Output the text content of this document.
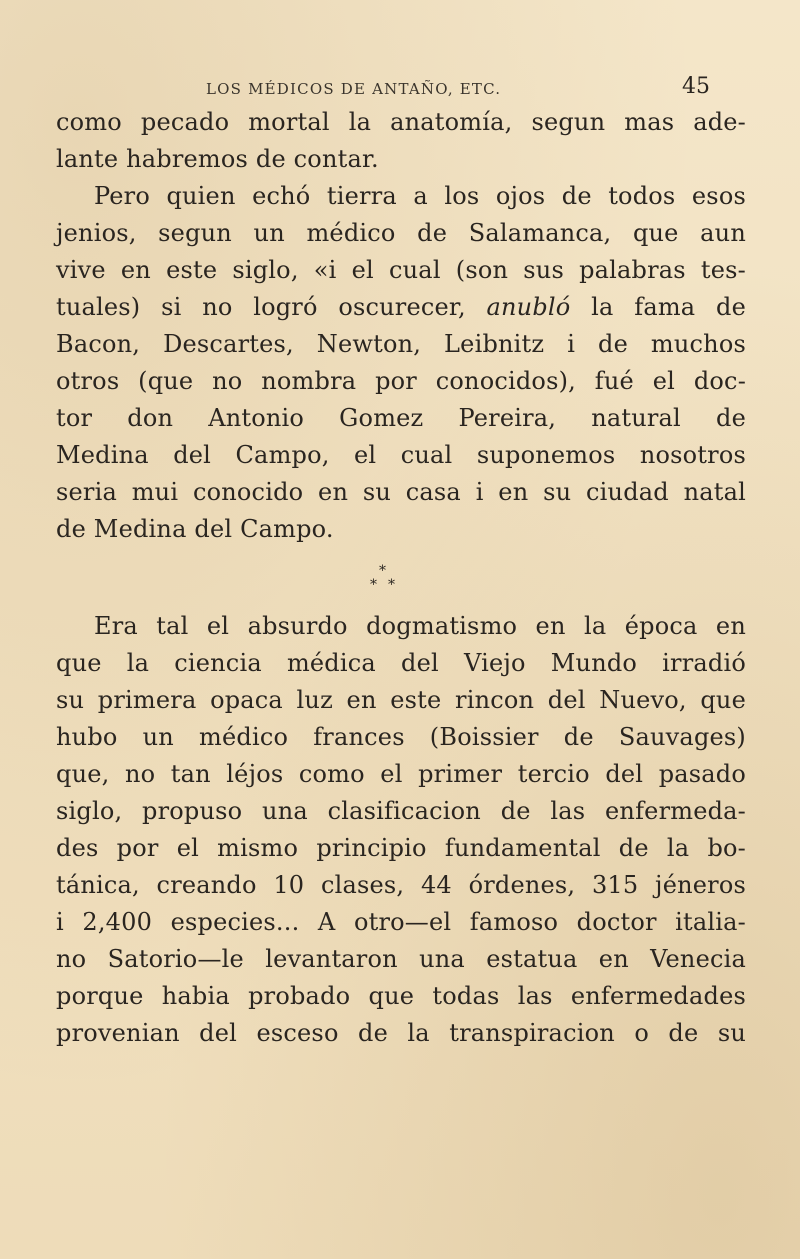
LOS MÉDICOS DE ANTAÑO, ETC.	45
como pecado mortal la anatomía, segun mas ade-
lante habremos de contar.
Pero quien echó tierra a los ojos de todos esos
jenios, segun un médico de Salamanca, que aun
vive en este siglo, «i el cual (son sus palabras tes-
tuales) si no logró oscurecer, anubló la fama de
Bacon, Descartes, Newton, Leibnitz i de muchos
otros (que no nombra por conocidos), fué el doc-
tor don Antonio Gomez Pereira, natural de
Medina del Campo, el cual suponemos nosotros
seria mui conocido en su casa i en su ciudad natal
de Medina del Campo.
*
* *
Era tal el absurdo dogmatismo en la época en
que la ciencia médica del Viejo Mundo irradió
su primera opaca luz en este rincon del Nuevo, que
hubo un médico frances (Boissier de Sauvages)
que, no tan léjos como el primer tercio del pasado
siglo, propuso una clasificacion de las enfermeda-
des por el mismo principio fundamental de la bo-
tánica, creando 10 clases, 44 órdenes, 315 jéneros
i 2,400 especies... A otro—el famoso doctor italia-
no Satorio—le levantaron una estatua en Venecia
porque habia probado que todas las enfermedades
provenian del esceso de la transpiracion o de su
